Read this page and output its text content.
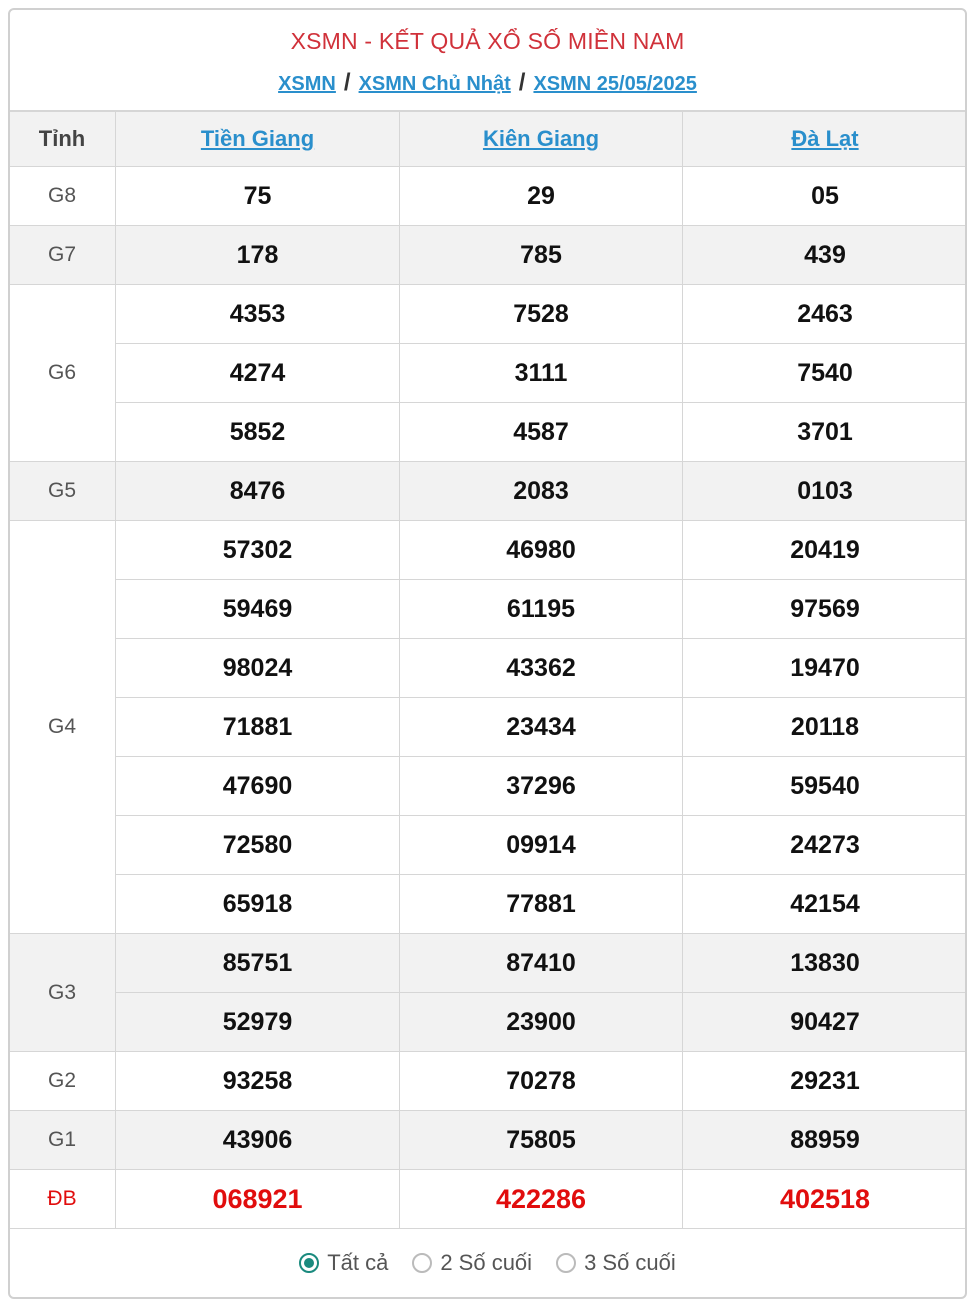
XSMN - KẾT QUẢ XỔ SỐ MIỀN NAM
XSMN / XSMN Chủ Nhật / XSMN 25/05/2025
Tỉnh	Tiền Giang	Kiên Giang	Đà Lạt
G8	75	29	05
G7	178	785	439
G6	4353	7528	2463
	4274	3111	7540
	5852	4587	3701
G5	8476	2083	0103
G4	57302	46980	20419
	59469	61195	97569
	98024	43362	19470
	71881	23434	20118
	47690	37296	59540
	72580	09914	24273
	65918	77881	42154
G3	85751	87410	13830
	52979	23900	90427
G2	93258	70278	29231
G1	43906	75805	88959
ĐB	068921	422286	402518
Tất cả 2 Số cuối 3 Số cuối
